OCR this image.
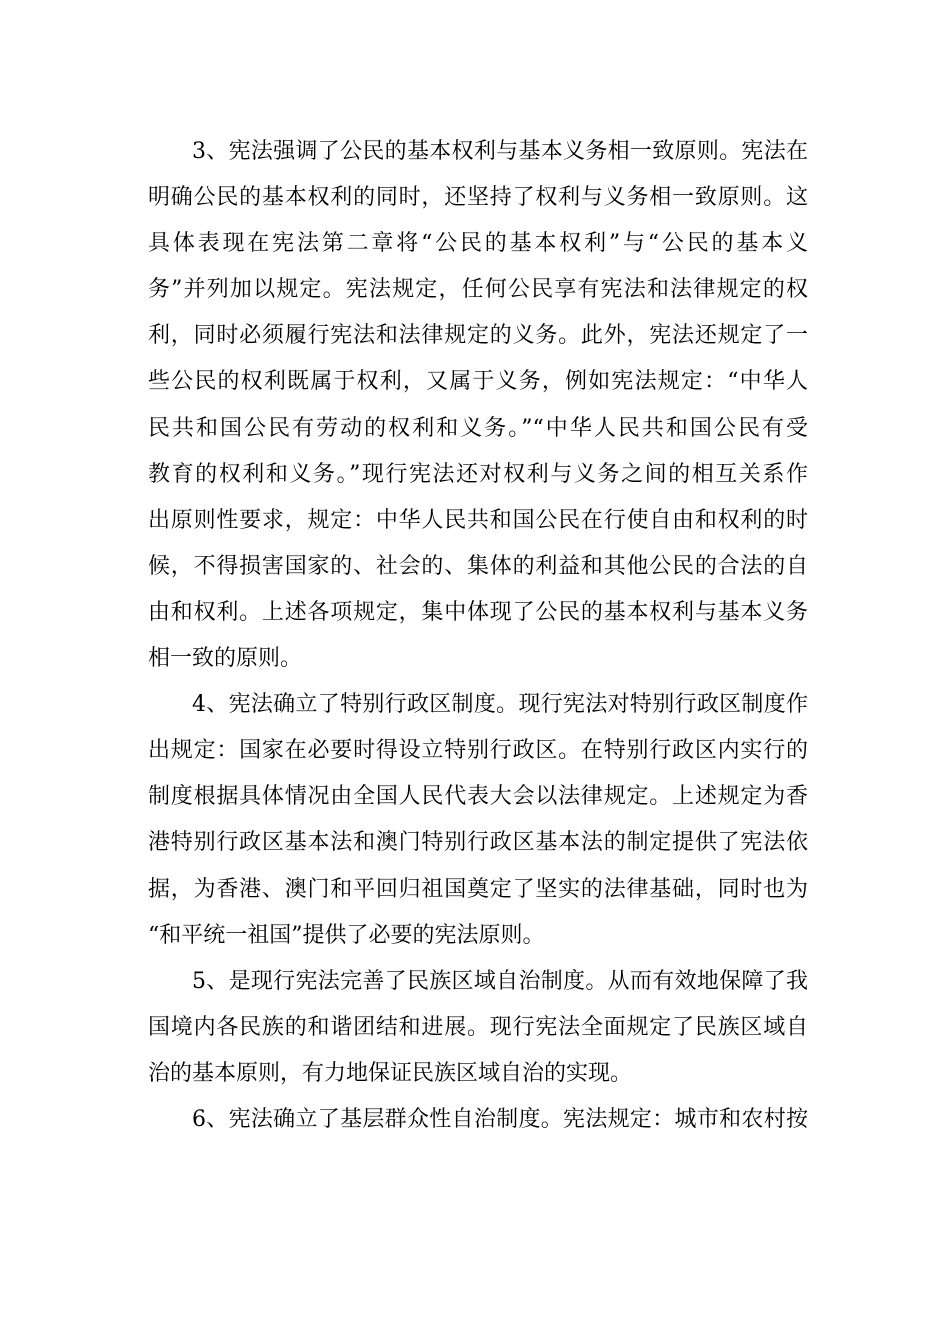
3、宪法强调了公民的基本权利与基本义务相一致原则。宪法在
明确公民的基本权利的同时，还坚持了权利与义务相一致原则。这
具体表现在宪法第二章将“公民的基本权利”与“公民的基本义
务”并列加以规定。宪法规定，任何公民享有宪法和法律规定的权
利，同时必须履行宪法和法律规定的义务。此外，宪法还规定了一
些公民的权利既属于权利，又属于义务，例如宪法规定：“中华人
民共和国公民有劳动的权利和义务。”“中华人民共和国公民有受
教育的权利和义务。”现行宪法还对权利与义务之间的相互关系作
出原则性要求，规定：中华人民共和国公民在行使自由和权利的时
候，不得损害国家的、社会的、集体的利益和其他公民的合法的自
由和权利。上述各项规定，集中体现了公民的基本权利与基本义务
相一致的原则。
4、宪法确立了特别行政区制度。现行宪法对特别行政区制度作
出规定：国家在必要时得设立特别行政区。在特别行政区内实行的
制度根据具体情况由全国人民代表大会以法律规定。上述规定为香
港特别行政区基本法和澳门特别行政区基本法的制定提供了宪法依
据，为香港、澳门和平回归祖国奠定了坚实的法律基础，同时也为
“和平统一祖国”提供了必要的宪法原则。
5、是现行宪法完善了民族区域自治制度。从而有效地保障了我
国境内各民族的和谐团结和进展。现行宪法全面规定了民族区域自
治的基本原则，有力地保证民族区域自治的实现。
6、宪法确立了基层群众性自治制度。宪法规定：城市和农村按
